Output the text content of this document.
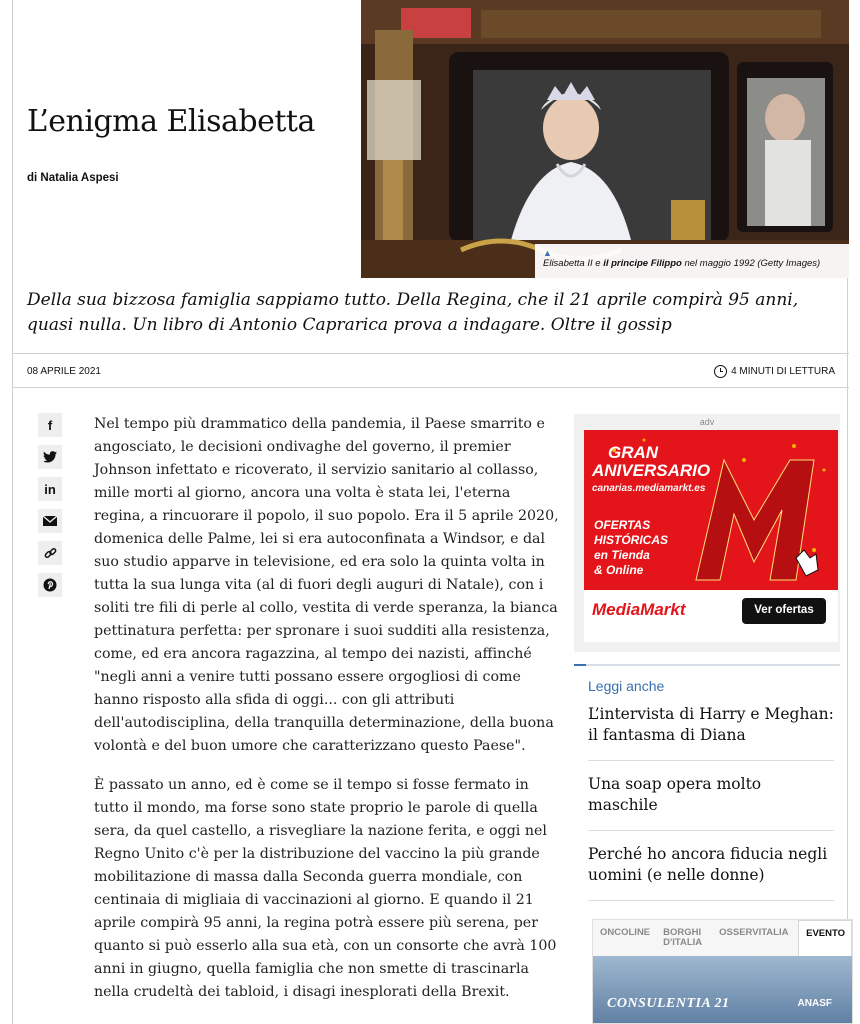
L’enigma Elisabetta
di Natalia Aspesi
▲
Elisabetta II e il principe Filippo nel maggio 1992 (Getty Images)

Della sua bizzosa famiglia sappiamo tutto. Della Regina, che il 21 aprile compirà 95 anni, quasi nulla. Un libro di Antonio Caprarica prova a indagare. Oltre il gossip

08 APRILE 2021	4 MINUTI DI LETTURA
f
in

Nel tempo più drammatico della pandemia, il Paese smarrito e angosciato, le decisioni ondivaghe del governo, il premier Johnson infettato e ricoverato, il servizio sanitario al collasso, mille morti al giorno, ancora una volta è stata lei, l'eterna regina, a rincuorare il popolo, il suo popolo. Era il 5 aprile 2020, domenica delle Palme, lei si era autoconfinata a Windsor, e dal suo studio apparve in televisione, ed era solo la quinta volta in tutta la sua lunga vita (al di fuori degli auguri di Natale), con i soliti tre fili di perle al collo, vestita di verde speranza, la bianca pettinatura perfetta: per spronare i suoi sudditi alla resistenza, come, ed era ancora ragazzina, al tempo dei nazisti, affinché "negli anni a venire tutti possano essere orgogliosi di come hanno risposto alla sfida di oggi... con gli attributi dell'autodisciplina, della tranquilla determinazione, della buona volontà e del buon umore che caratterizzano questo Paese".

È passato un anno, ed è come se il tempo si fosse fermato in tutto il mondo, ma forse sono state proprio le parole di quella sera, da quel castello, a risvegliare la nazione ferita, e oggi nel Regno Unito c'è per la distribuzione del vaccino la più grande mobilitazione di massa dalla Seconda guerra mondiale, con centinaia di migliaia di vaccinazioni al giorno. E quando il 21 aprile compirà 95 anni, la regina potrà essere più serena, per quanto si può esserlo alla sua età, con un consorte che avrà 100 anni in giugno, quella famiglia che non smette di trascinarla nella crudeltà dei tabloid, i disagi inesplorati della Brexit.

GRAN
ANIVERSARIO
canarias.mediamarkt.es
OFERTAS
HISTÓRICAS
en Tienda
& Online
MediaMarkt	Ver ofertas
adv
Leggi anche
L’intervista di Harry e Meghan: il fantasma di Diana
Una soap opera molto maschile
Perché ho ancora fiducia negli uomini (e nelle donne)
ONCOLINE	BORGHI D'ITALIA
OSSERVITALIA	EVENTO
CONSULENTIA 21	ANASF
